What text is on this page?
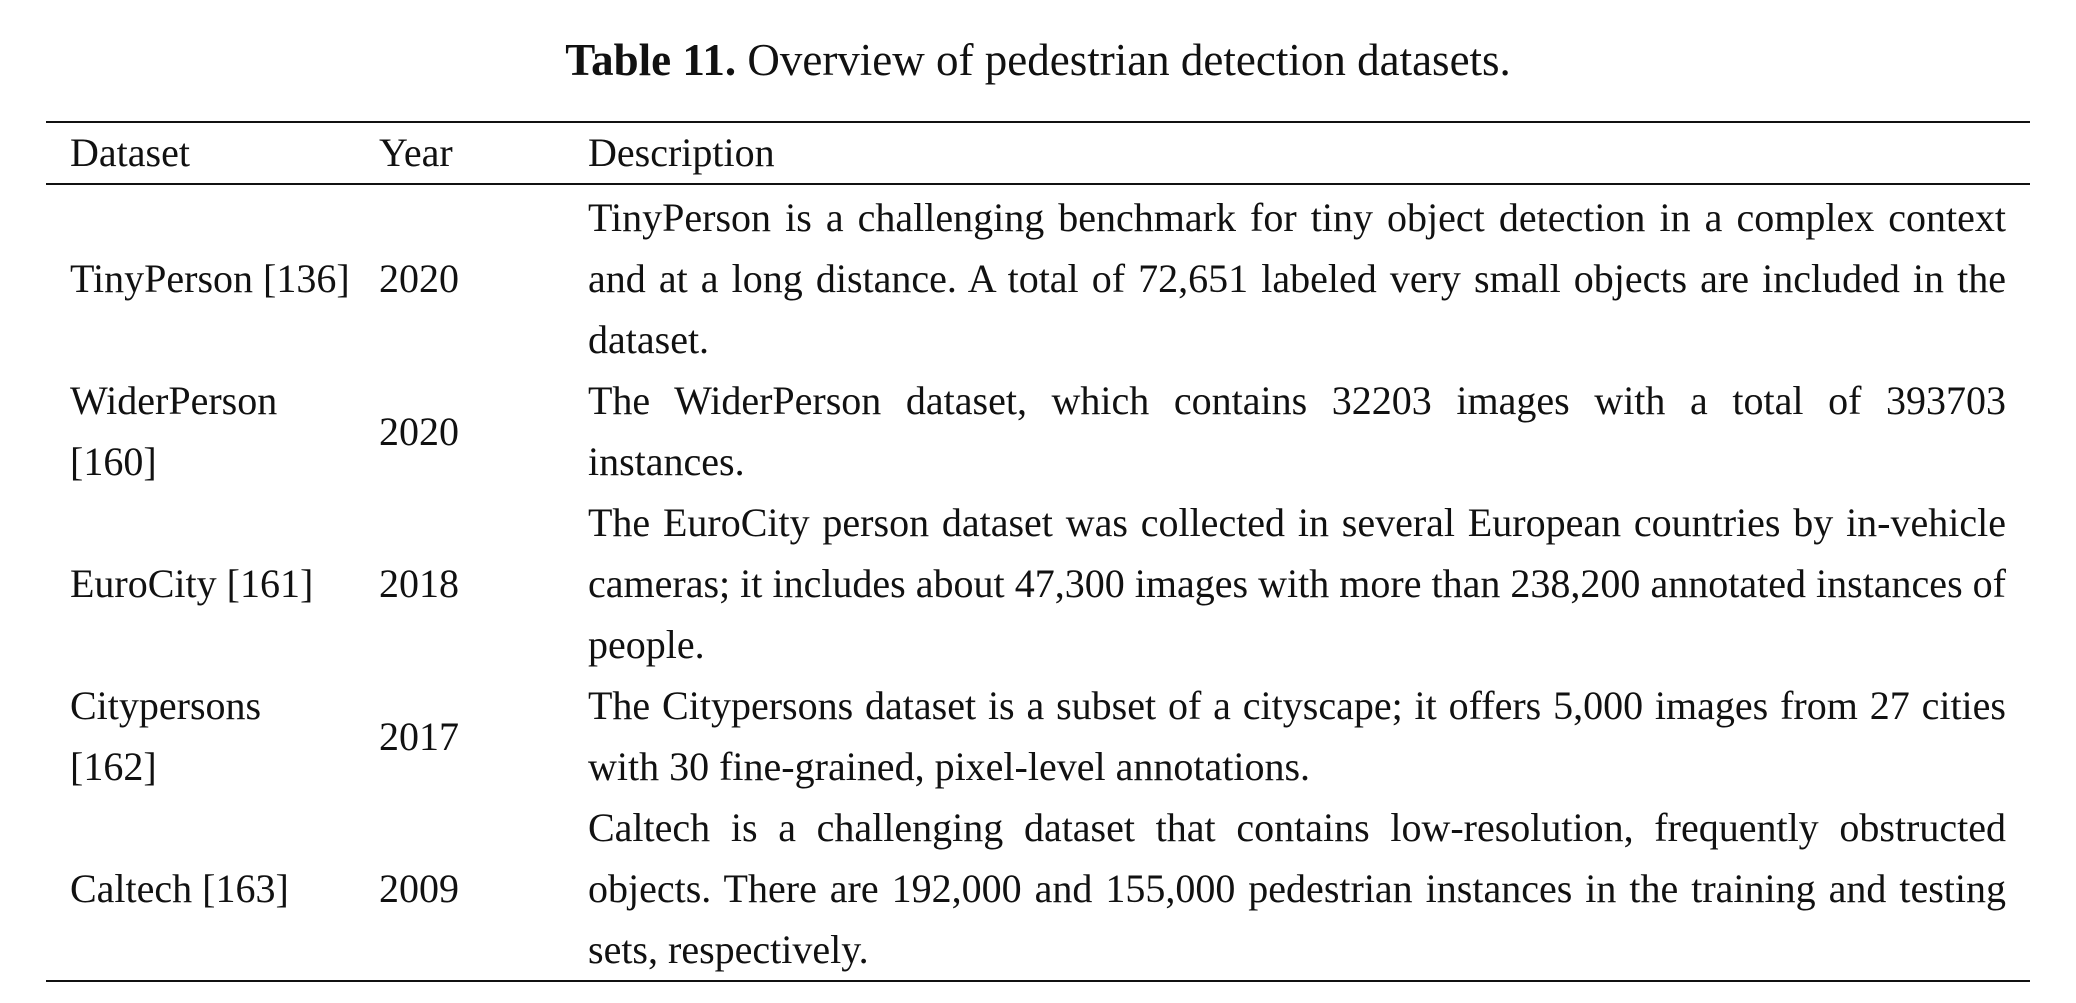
Table 11. Overview of pedestrian detection datasets.
Dataset	Year	Description
TinyPerson [136]	2020	TinyPerson is a challenging benchmark for tiny object detection in a complex context and at a long distance. A total of 72,651 labeled very small objects are included in the dataset.
WiderPerson [160]	2020	The WiderPerson dataset, which contains 32203 images with a total of 393703 instances.
EuroCity [161]	2018	The EuroCity person dataset was collected in several European countries by in-vehicle cameras; it includes about 47,300 images with more than 238,200 annotated instances of people.
Citypersons [162]	2017	The Citypersons dataset is a subset of a cityscape; it offers 5,000 images from 27 cities with 30 fine-grained, pixel-level annotations.
Caltech [163]	2009	Caltech is a challenging dataset that contains low-resolution, frequently obstructed objects. There are 192,000 and 155,000 pedestrian instances in the training and testing sets, respectively.
